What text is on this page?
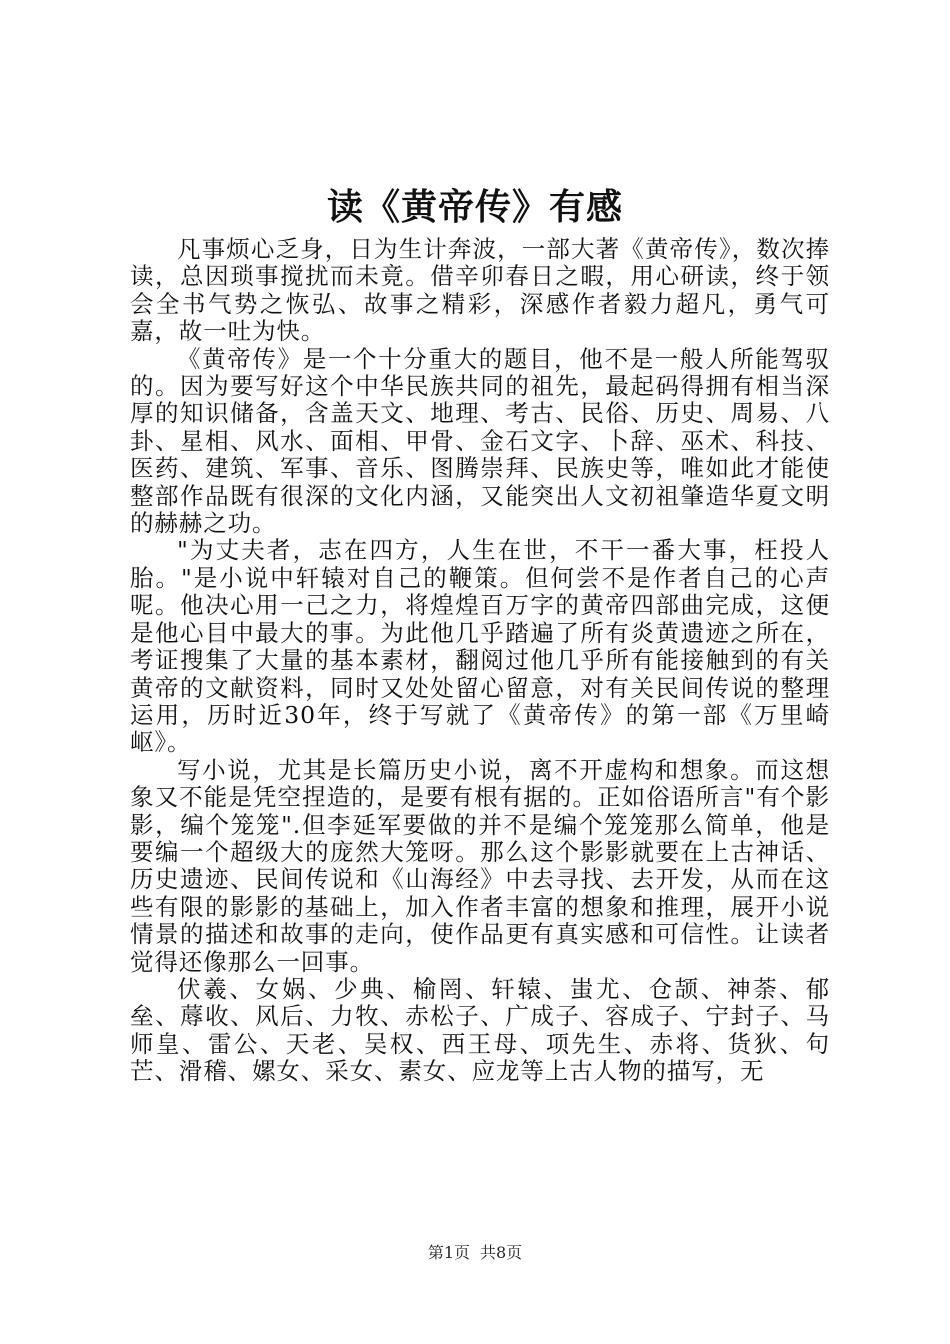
读《黄帝传》有感

凡事烦心乏身，日为生计奔波，一部大著《黄帝传》，数次捧读，总因琐事搅扰而未竟。借辛卯春日之暇，用心研读，终于领会全书气势之恢弘、故事之精彩，深感作者毅力超凡，勇气可嘉，故一吐为快。

《黄帝传》是一个十分重大的题目，他不是一般人所能驾驭的。因为要写好这个中华民族共同的祖先，最起码得拥有相当深厚的知识储备，含盖天文、地理、考古、民俗、历史、周易、八卦、星相、风水、面相、甲骨、金石文字、卜辞、巫术、科技、医药、建筑、军事、音乐、图腾崇拜、民族史等，唯如此才能使整部作品既有很深的文化内涵，又能突出人文初祖肇造华夏文明的赫赫之功。

"为丈夫者，志在四方，人生在世，不干一番大事，枉投人胎。"是小说中轩辕对自己的鞭策。但何尝不是作者自己的心声呢。他决心用一己之力，将煌煌百万字的黄帝四部曲完成，这便是他心目中最大的事。为此他几乎踏遍了所有炎黄遗迹之所在，考证搜集了大量的基本素材，翻阅过他几乎所有能接触到的有关黄帝的文献资料，同时又处处留心留意，对有关民间传说的整理运用，历时近30年，终于写就了《黄帝传》的第一部《万里崎岖》。

写小说，尤其是长篇历史小说，离不开虚构和想象。而这想象又不能是凭空捏造的，是要有根有据的。正如俗语所言"有个影影，编个笼笼".但李延军要做的并不是编个笼笼那么简单，他是要编一个超级大的庞然大笼呀。那么这个影影就要在上古神话、历史遗迹、民间传说和《山海经》中去寻找、去开发，从而在这些有限的影影的基础上，加入作者丰富的想象和推理，展开小说情景的描述和故事的走向，使作品更有真实感和可信性。让读者觉得还像那么一回事。

伏羲、女娲、少典、榆罔、轩辕、蚩尤、仓颉、神荼、郁垒、蓐收、风后、力牧、赤松子、广成子、容成子、宁封子、马师皇、雷公、天老、吴权、西王母、项先生、赤将、货狄、句芒、滑稽、嫘女、采女、素女、应龙等上古人物的描写，无

第1页 共8页
